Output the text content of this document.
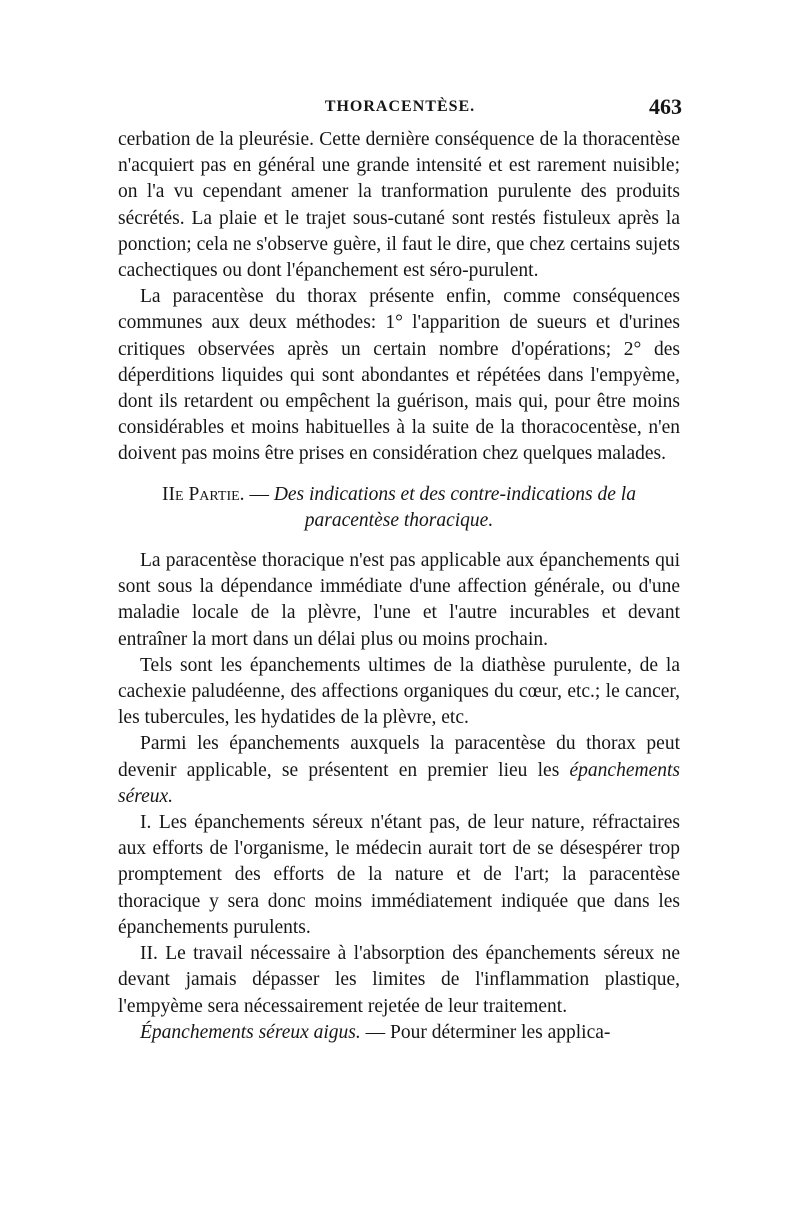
THORACENTÈSE.	463

cerbation de la pleurésie. Cette dernière conséquence de la thoracentèse n'acquiert pas en général une grande intensité et est rarement nuisible; on l'a vu cependant amener la tranformation purulente des produits sécrétés. La plaie et le trajet sous-cutané sont restés fistuleux après la ponction; cela ne s'observe guère, il faut le dire, que chez certains sujets cachectiques ou dont l'épanchement est séro-purulent.

La paracentèse du thorax présente enfin, comme conséquences communes aux deux méthodes: 1° l'apparition de sueurs et d'urines critiques observées après un certain nombre d'opérations; 2° des déperditions liquides qui sont abondantes et répétées dans l'empyème, dont ils retardent ou empêchent la guérison, mais qui, pour être moins considérables et moins habituelles à la suite de la thoracocentèse, n'en doivent pas moins être prises en considération chez quelques malades.

IIe Partie. — Des indications et des contre-indications de la paracentèse thoracique.

La paracentèse thoracique n'est pas applicable aux épanchements qui sont sous la dépendance immédiate d'une affection générale, ou d'une maladie locale de la plèvre, l'une et l'autre incurables et devant entraîner la mort dans un délai plus ou moins prochain.

Tels sont les épanchements ultimes de la diathèse purulente, de la cachexie paludéenne, des affections organiques du cœur, etc.; le cancer, les tubercules, les hydatides de la plèvre, etc.

Parmi les épanchements auxquels la paracentèse du thorax peut devenir applicable, se présentent en premier lieu les épanchements séreux.

I. Les épanchements séreux n'étant pas, de leur nature, réfractaires aux efforts de l'organisme, le médecin aurait tort de se désespérer trop promptement des efforts de la nature et de l'art; la paracentèse thoracique y sera donc moins immédiatement indiquée que dans les épanchements purulents.

II. Le travail nécessaire à l'absorption des épanchements séreux ne devant jamais dépasser les limites de l'inflammation plastique, l'empyème sera nécessairement rejetée de leur traitement.

Épanchements séreux aigus. — Pour déterminer les applica-
